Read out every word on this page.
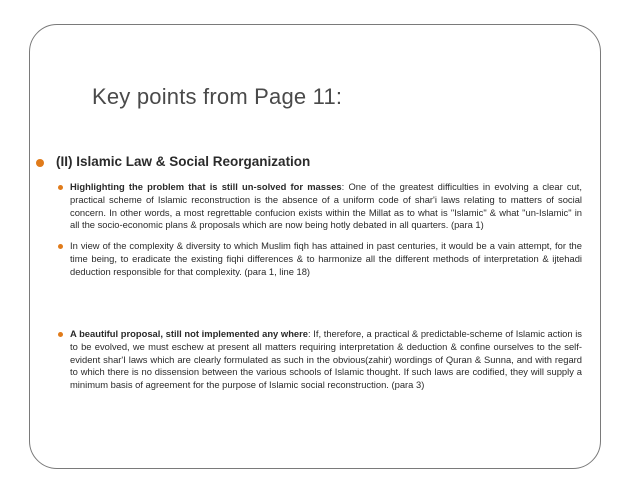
Key points from Page 11:
(II) Islamic Law & Social Reorganization
Highlighting the problem that is still un-solved for masses: One of the greatest difficulties in evolving a clear cut, practical scheme of Islamic reconstruction is the absence of a uniform code of shar'i laws relating to matters of social concern. In other words, a most regrettable confucion exists within the Millat as to what is "Islamic" & what "un-Islamic" in all the socio-economic plans & proposals which are now being hotly debated in all quarters. (para 1)
In view of the complexity & diversity to which Muslim fiqh has attained in past centuries, it would be a vain attempt, for the time being, to eradicate the existing fiqhi differences & to harmonize all the different methods of interpretation & ijtehadi deduction responsible for that complexity. (para 1, line 18)
A beautiful proposal, still not implemented any where: If, therefore, a practical & predictable-scheme of Islamic action is to be evolved, we must eschew at present all matters requiring interpretation & deduction & confine ourselves to the self-evident shar'I laws which are clearly formulated as such in the obvious(zahir) wordings of Quran & Sunna, and with regard to which there is no dissension between the various schools of Islamic thought. If such laws are codified, they will supply a minimum basis of agreement for the purpose of Islamic social reconstruction. (para 3)
